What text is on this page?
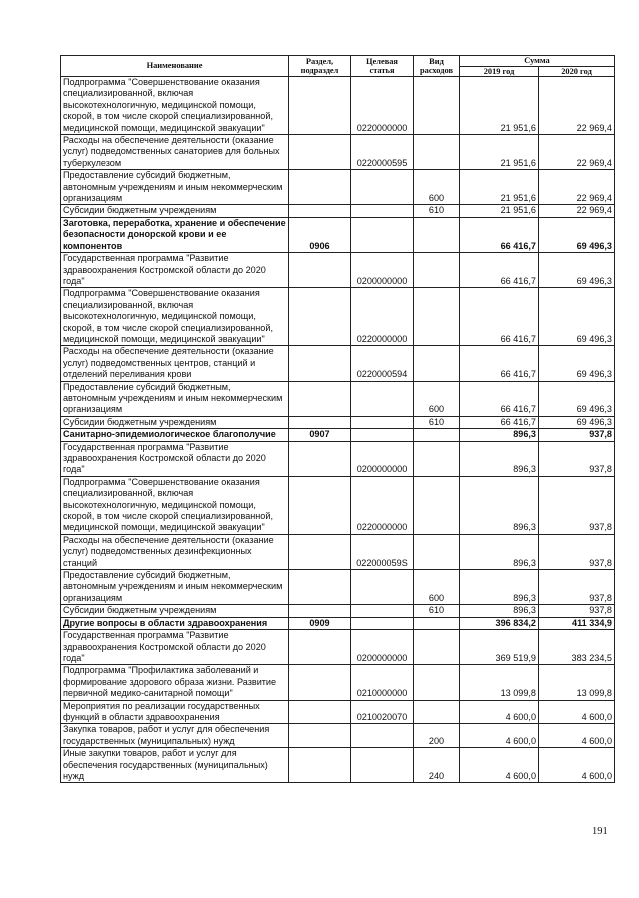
Наименование	Раздел, подраздел	Целевая статья	Вид расходов	Сумма	
				2019 год	2020 год
Подпрограмма "Совершенствование оказания специализированной, включая высокотехнологичную, медицинской помощи, скорой, в том числе скорой специализированной, медицинской помощи, медицинской эвакуации"		0220000000		21 951,6	22 969,4
Расходы на обеспечение деятельности (оказание услуг) подведомственных санаториев для больных туберкулезом		0220000595		21 951,6	22 969,4
Предоставление субсидий бюджетным, автономным учреждениям и иным некоммерческим организациям			600	21 951,6	22 969,4
Субсидии бюджетным учреждениям			610	21 951,6	22 969,4
Заготовка, переработка, хранение и обеспечение безопасности донорской крови и ее компонентов	0906			66 416,7	69 496,3
Государственная программа "Развитие здравоохранения Костромской области до 2020 года"		0200000000		66 416,7	69 496,3
Подпрограмма "Совершенствование оказания специализированной, включая высокотехнологичную, медицинской помощи, скорой, в том числе скорой специализированной, медицинской помощи, медицинской эвакуации"		0220000000		66 416,7	69 496,3
Расходы на обеспечение деятельности (оказание услуг) подведомственных центров, станций и отделений переливания крови		0220000594		66 416,7	69 496,3
Предоставление субсидий бюджетным, автономным учреждениям и иным некоммерческим организациям			600	66 416,7	69 496,3
Субсидии бюджетным учреждениям			610	66 416,7	69 496,3
Санитарно-эпидемиологическое благополучие	0907			896,3	937,8
Государственная программа "Развитие здравоохранения Костромской области до 2020 года"		0200000000		896,3	937,8
Подпрограмма "Совершенствование оказания специализированной, включая высокотехнологичную, медицинской помощи, скорой, в том числе скорой специализированной, медицинской помощи, медицинской эвакуации"		0220000000		896,3	937,8
Расходы на обеспечение деятельности (оказание услуг) подведомственных дезинфекционных станций		022000059S		896,3	937,8
Предоставление субсидий бюджетным, автономным учреждениям и иным некоммерческим организациям			600	896,3	937,8
Субсидии бюджетным учреждениям			610	896,3	937,8
Другие вопросы в области здравоохранения	0909			396 834,2	411 334,9
Государственная программа "Развитие здравоохранения Костромской области до 2020 года"		0200000000		369 519,9	383 234,5
Подпрограмма "Профилактика заболеваний и формирование здорового образа жизни. Развитие первичной медико-санитарной помощи"		0210000000		13 099,8	13 099,8
Мероприятия по реализации государственных функций в области здравоохранения		0210020070		4 600,0	4 600,0
Закупка товаров, работ и услуг для обеспечения государственных (муниципальных) нужд			200	4 600,0	4 600,0
Иные закупки товаров, работ и услуг для обеспечения государственных (муниципальных) нужд			240	4 600,0	4 600,0
191
